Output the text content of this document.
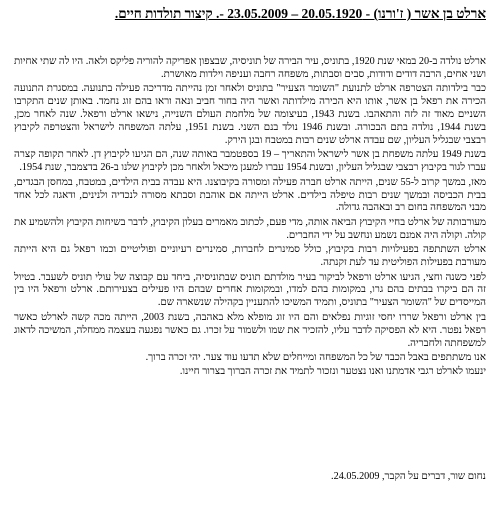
ארלט בן אשר ( ז'ורנו) - 20.05.1920 – 23.05.2009 -. קיצור תולדות חיים.

ארלט נולדה ב-20 במאי שנת 1920, בתוניס, עיר הבירה של תוניסיה, שבצפון אפריקה להוריה פליקס ולאה. היו לה שתי אחיות ושני אחים, הרבה דודים ודודות, סבים וסבתות, משפחה רחבה ועניפה וילדות מאושרת.

כבר בילדותה הצטרפה ארלט לתנועת "השומר הצעיר" בתוניס ולאחר זמן נהייתה מדריכה פעילה בתנועה. במסגרת התנועה הכירה את רפאל בן אשר, אותו היא הכירה מילדותה ואשר היה בחור חביב ונאה וראו בהם זוג נחמד. באותן שנים התקרבו השניים מאוד זה לזה והתאהבו. בשנת 1943, בעיצומה של מלחמת העולם השנייה, נישאו ארלט ורפאל. שנה לאחר מכן, בשנת 1944, נולדה בתם הבכורה. ובשנת 1946 נולד בנם השני. בשנת 1951, עלתה המשפחה לישראל והצטרפה לקיבוץ רבצבי שבגליל העליון, שם עבדה ארלט שנים רבות במטבח ובגן הירק.

בשנת 1949 עלתה משפחת בן אשר לישראל והתאריך – 19 בספטמבר באותה שנה, הם הגיעו לקיבוץ דן. לאחר תקופה קצרה עברו לגור בקיבוץ רבצבי שבגליל העליון, ובשנת 1954 עברו למעגן מיכאל ולאחר מכן לקיבוץ שלנו ב-26 בדצמבר, שנת 1954.

מאז, במשך קרוב ל-55 שנים, הייתה ארלט חברה פעילה ומסורה בקיבוצנו. היא עבדה בבית הילדים, במטבח, במחסן הבגדים, בבית הכביסה ובמשך שנים רבות טיפלה בילדים. ארלט הייתה אם אוהבת וסבתא מסורה לנכדיה ולנינים, ודאגה לכל אחד מבני המשפחה בחום רב ובאהבה גדולה.

מעורבותה של ארלט בחיי הקיבוץ הביאה אותה, מדי פעם, לכתוב מאמרים בעלון הקיבוץ, לדבר בשיחות הקיבוץ ולהשמיע את קולה. וקולה היה אמנם נשמע ונחשב על ידי החברים.

ארלט השתתפה בפעילויות רבות בקיבוץ, כולל סמינרים לחברות, סמינרים רעיוניים ופוליטיים וכמו רפאל גם היא הייתה מעורבת בפעילות הפוליטית עד לעת זקנתה.

לפני כשנה וחצי, הגיעו ארלט ורפאל לביקור בעיר מולדתם תוניס שבתוניסיה, ביחד עם קבוצה של עולי תוניס לשעבר. בטיול זה הם ביקרו בבתים בהם גרו, במקומות בהם למדו, ובמקומות אחרים שבהם היו פעילים בצעירותם. ארלט ורפאל היו בין המייסדים של "השומר הצעיר" בתוניס, ותמיד המשיכו להתעניין בקהילה שנשארה שם.

בין ארלט ורפאל שררו יחסי זוגיות נפלאים והם היו זוג מופלא מלא באהבה, בשנת 2003, הייתה מכה קשה לארלט כאשר רפאל נפטר. היא לא הפסיקה לדבר עליו, להזכיר את שמו ולשמור על זכרו. גם כאשר נפגעה בעצמה ממחלה, המשיכה לדאוג למשפחתה ולחבריה.

אנו משתתפים באבל הכבד של כל המשפחה ומייחלים שלא תדעו עוד צער. יהי זכרה ברוך.

ינעמו לארלט רגבי אדמתנו ואנו נצטער ונזכור לתמיד את זכרה הברוך בצרור חיינו.

נחום שור, דברים על הקבר, 24.05.2009.
